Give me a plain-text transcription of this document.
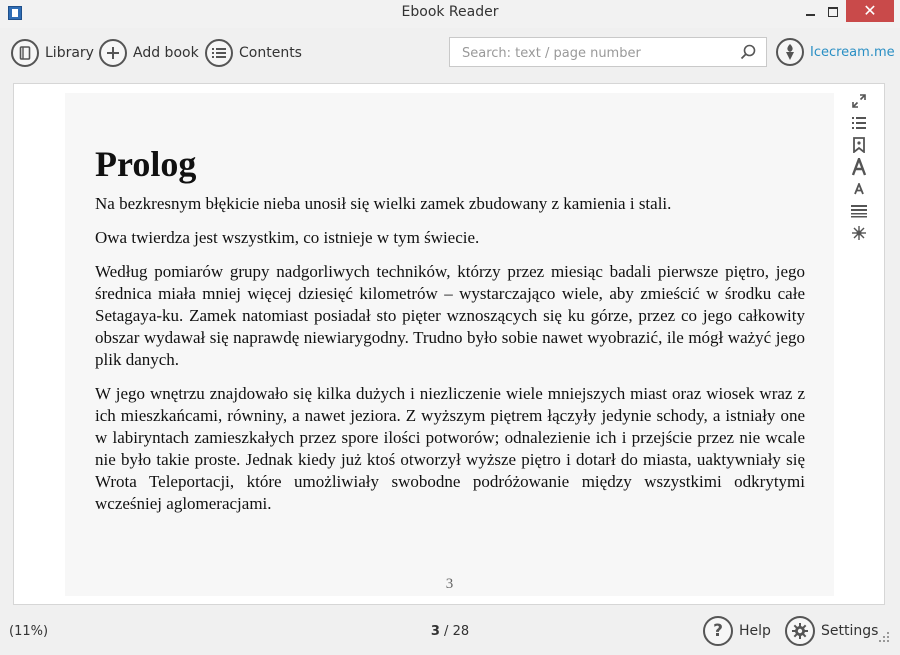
Ebook Reader	✕
Library	Add book	Contents
Search: text / page number	Icecream.me
Prolog

Na bezkresnym błękicie nieba unosił się wielki zamek zbudowany z kamienia i stali.

Owa twierdza jest wszystkim, co istnieje w tym świecie.

Według pomiarów grupy nadgorliwych techników, którzy przez miesiąc badali pierwsze piętro, jego średnica miała mniej więcej dziesięć kilometrów – wystarczająco wiele, aby zmieścić w środku całe Setagaya-ku. Zamek natomiast posiadał sto pięter wznoszących się ku górze, przez co jego całkowity obszar wydawał się naprawdę niewiarygodny. Trudno było sobie nawet wyobrazić, ile mógł ważyć jego plik danych.

W jego wnętrzu znajdowało się kilka dużych i niezliczenie wiele mniejszych miast oraz wiosek wraz z ich mieszkańcami, równiny, a nawet jeziora. Z wyższym piętrem łączyły jedynie schody, a istniały one w labiryntach zamieszkałych przez spore ilości potworów; odnalezienie ich i przejście przez nie wcale nie było takie proste. Jednak kiedy już ktoś otworzył wyższe piętro i dotarł do miasta, uaktywniały się Wrota Teleportacji, które umożliwiały swobodne podróżowanie między wszystkimi odkrytymi wcześniej aglomeracjami.

3
(11%)	3 / 28	? Help	Settings
